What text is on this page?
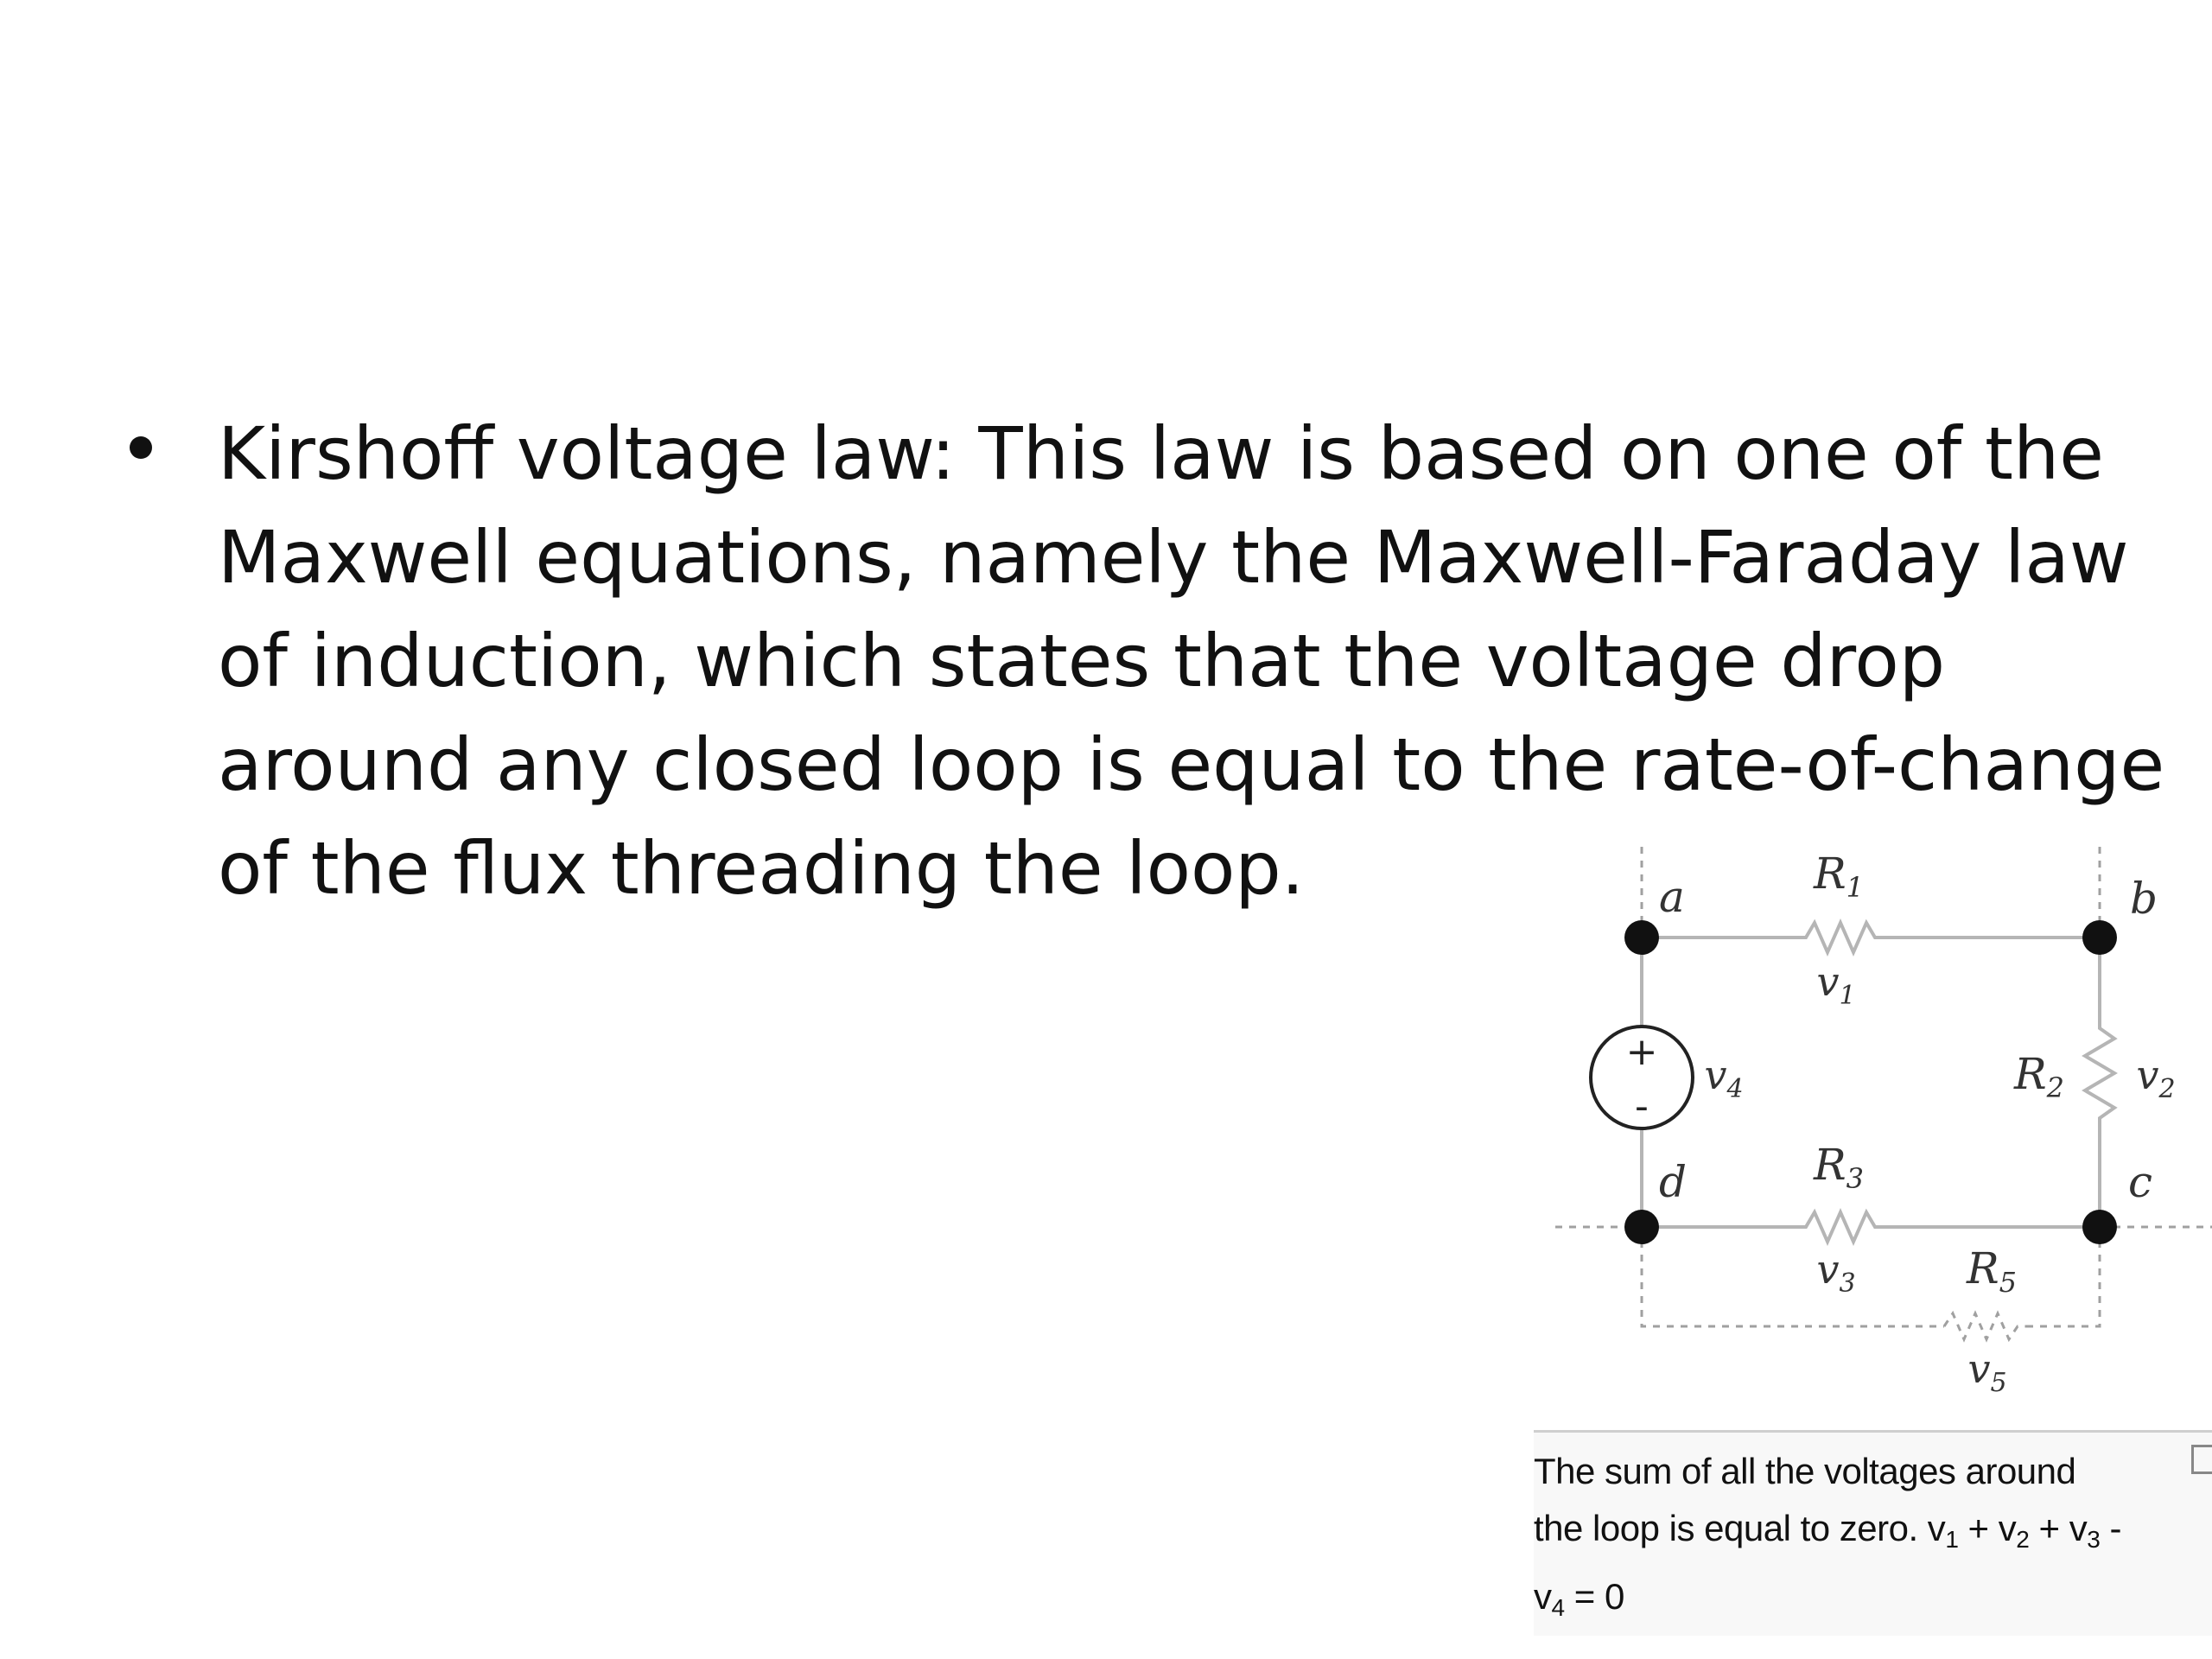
Kirshoff voltage law: This law is based on one of the
Maxwell equations, namely the Maxwell-Faraday law
of induction, which states that the voltage drop
around any closed loop is equal to the rate-of-change
of the flux threading the loop.

+
-
a	b
c
d
$R_1$
$v_1$
$R_2$ $v_2$
$v_4$
$R_3$
$v_3$	$R_5$
$v_5$

The sum of all the voltages around
the loop is equal to zero. $v_1 + v_2 + v_3$ -
$v_4 = 0$
